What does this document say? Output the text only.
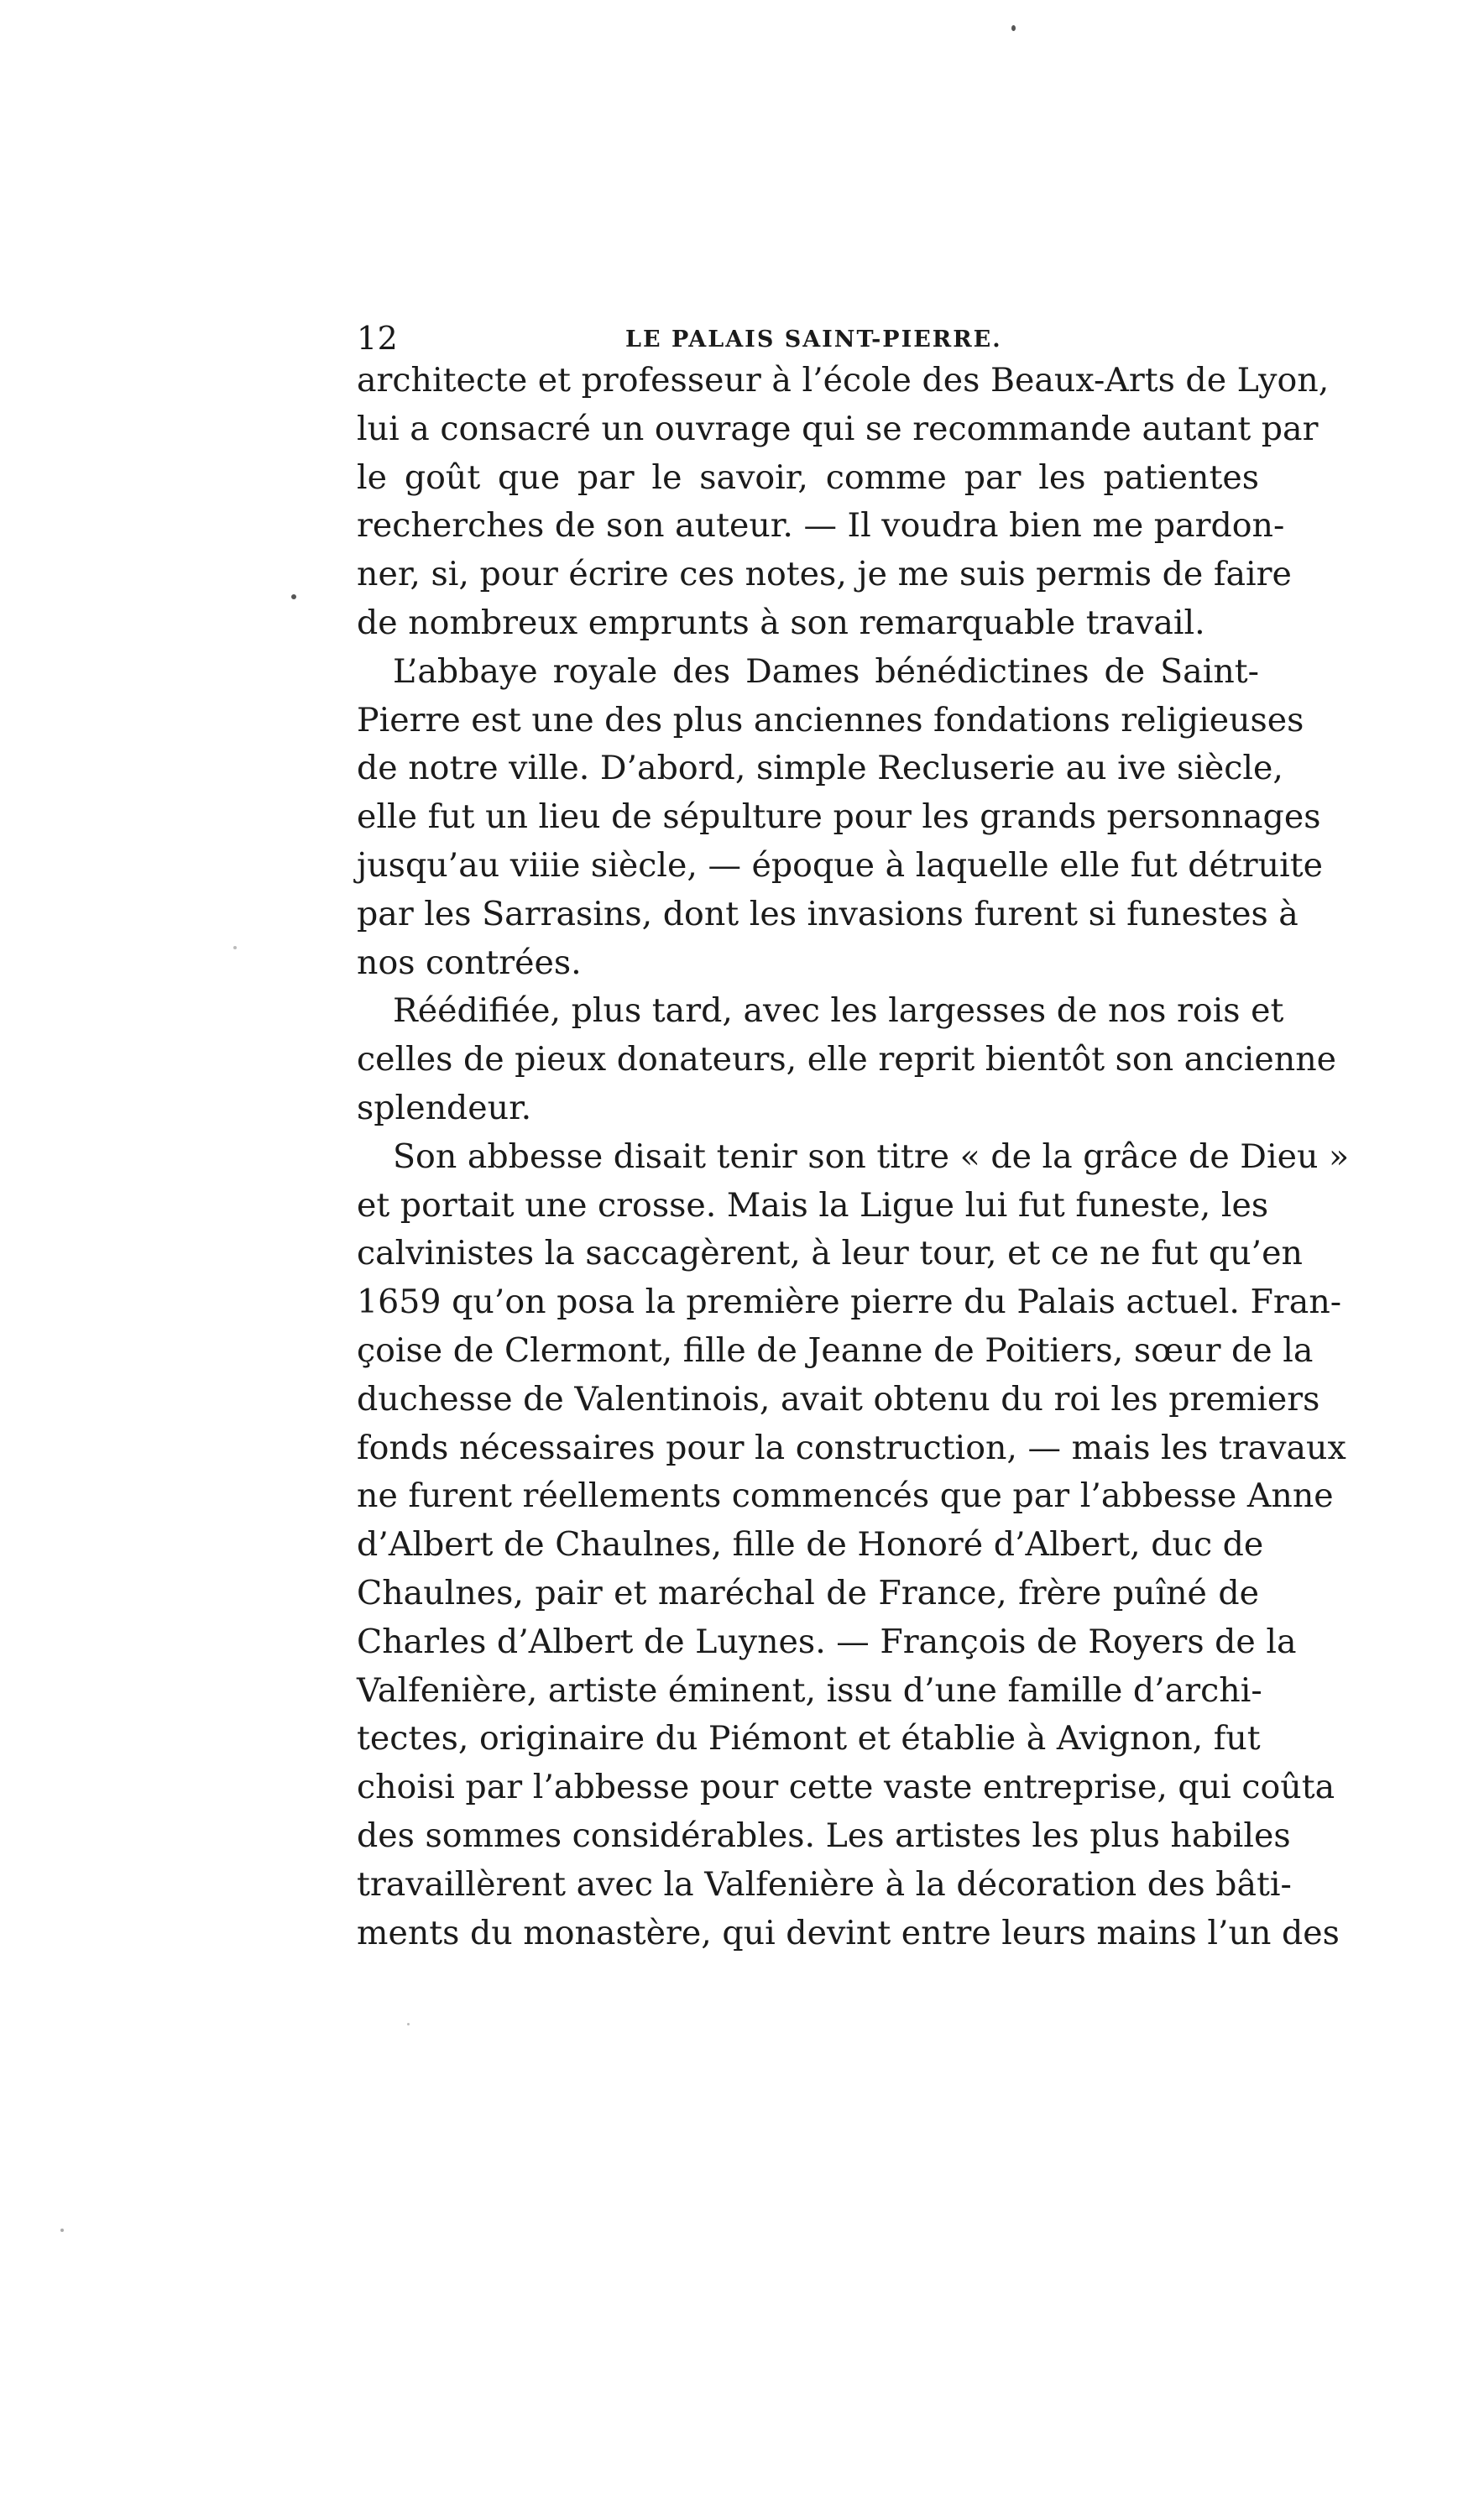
12	LE PALAIS SAINT-PIERRE.
architecte et professeur à l’école des Beaux-Arts de Lyon,
lui a consacré un ouvrage qui se recommande autant par
le goût que par le savoir, comme par les patientes
recherches de son auteur. — Il voudra bien me pardon-
ner, si, pour écrire ces notes, je me suis permis de faire
de nombreux emprunts à son remarquable travail.
L’abbaye royale des Dames bénédictines de Saint-
Pierre est une des plus anciennes fondations religieuses
de notre ville. D’abord, simple Recluserie au ive siècle,
elle fut un lieu de sépulture pour les grands personnages
jusqu’au viiie siècle, — époque à laquelle elle fut détruite
par les Sarrasins, dont les invasions furent si funestes à
nos contrées.
Réédifiée, plus tard, avec les largesses de nos rois et
celles de pieux donateurs, elle reprit bientôt son ancienne
splendeur.
Son abbesse disait tenir son titre « de la grâce de Dieu »
et portait une crosse. Mais la Ligue lui fut funeste, les
calvinistes la saccagèrent, à leur tour, et ce ne fut qu’en
1659 qu’on posa la première pierre du Palais actuel. Fran-
çoise de Clermont, fille de Jeanne de Poitiers, sœur de la
duchesse de Valentinois, avait obtenu du roi les premiers
fonds nécessaires pour la construction, — mais les travaux
ne furent réellements commencés que par l’abbesse Anne
d’Albert de Chaulnes, fille de Honoré d’Albert, duc de
Chaulnes, pair et maréchal de France, frère puîné de
Charles d’Albert de Luynes. — François de Royers de la
Valfenière, artiste éminent, issu d’une famille d’archi-
tectes, originaire du Piémont et établie à Avignon, fut
choisi par l’abbesse pour cette vaste entreprise, qui coûta
des sommes considérables. Les artistes les plus habiles
travaillèrent avec la Valfenière à la décoration des bâti-
ments du monastère, qui devint entre leurs mains l’un des
